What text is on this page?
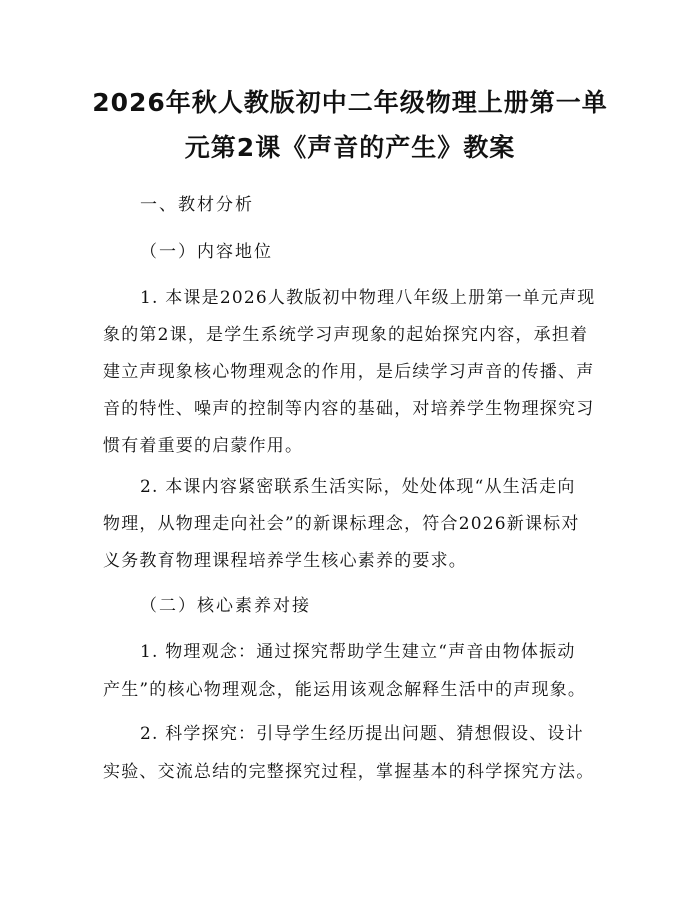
2026年秋人教版初中二年级物理上册第一单
元第2课《声音的产生》教案
一、教材分析
（一）内容地位
1. 本课是2026人教版初中物理八年级上册第一单元声现
象的第2课，是学生系统学习声现象的起始探究内容，承担着
建立声现象核心物理观念的作用，是后续学习声音的传播、声
音的特性、噪声的控制等内容的基础，对培养学生物理探究习
惯有着重要的启蒙作用。
2. 本课内容紧密联系生活实际，处处体现“从生活走向
物理，从物理走向社会”的新课标理念，符合2026新课标对
义务教育物理课程培养学生核心素养的要求。
（二）核心素养对接
1. 物理观念：通过探究帮助学生建立“声音由物体振动
产生”的核心物理观念，能运用该观念解释生活中的声现象。
2. 科学探究：引导学生经历提出问题、猜想假设、设计
实验、交流总结的完整探究过程，掌握基本的科学探究方法。
